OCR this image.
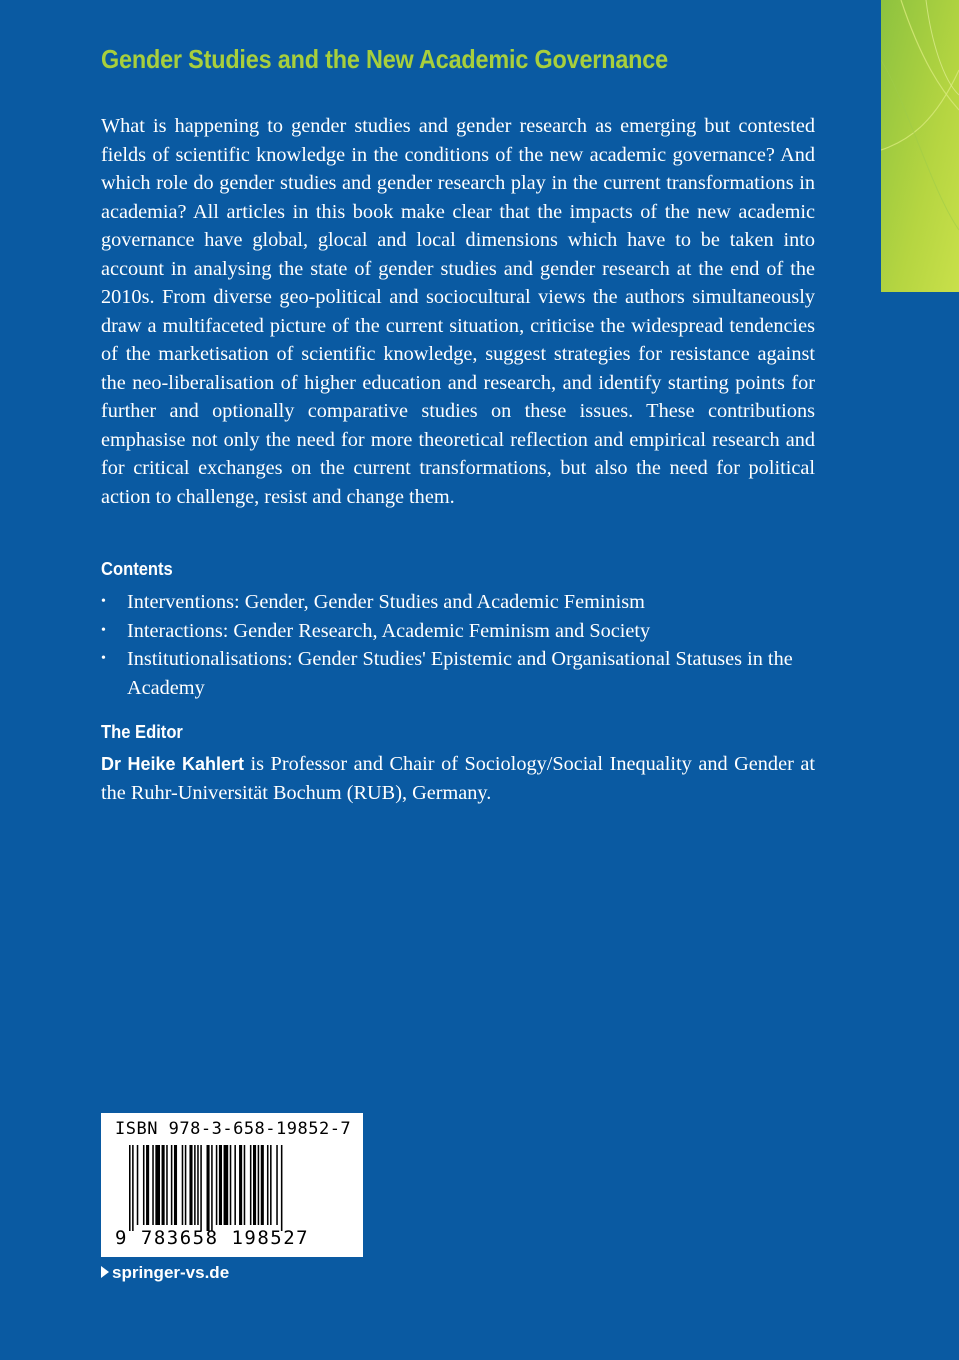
Gender Studies and the New Academic Governance

What is happening to gender studies and gender research as emerging but contested fields of scientific knowledge in the conditions of the new academic governance? And which role do gender studies and gender research play in the current transformations in academia? All articles in this book make clear that the impacts of the new academic governance have global, glocal and local dimensions which have to be taken into account in analysing the state of gender studies and gender research at the end of the 2010s. From diverse geo-political and sociocultural views the authors simultaneously draw a multifaceted picture of the current situation, criticise the widespread tendencies of the marketisation of scientific knowledge, suggest strategies for resistance against the neo-liberalisation of higher education and research, and identify starting points for further and optionally comparative studies on these issues. These contributions emphasise not only the need for more theoretical reflection and empirical research and for critical exchanges on the current transformations, but also the need for political action to challenge, resist and change them.

Contents
• Interventions: Gender, Gender Studies and Academic Feminism
• Interactions: Gender Research, Academic Feminism and Society
• Institutionalisations: Gender Studies' Epistemic and Organisational Statuses in the Academy
The Editor

Dr Heike Kahlert is Professor and Chair of Sociology/Social Inequality and Gender at the Ruhr-Universität Bochum (RUB), Germany.

ISBN 978-3-658-19852-7
9 783658 198527
springer-vs.de
